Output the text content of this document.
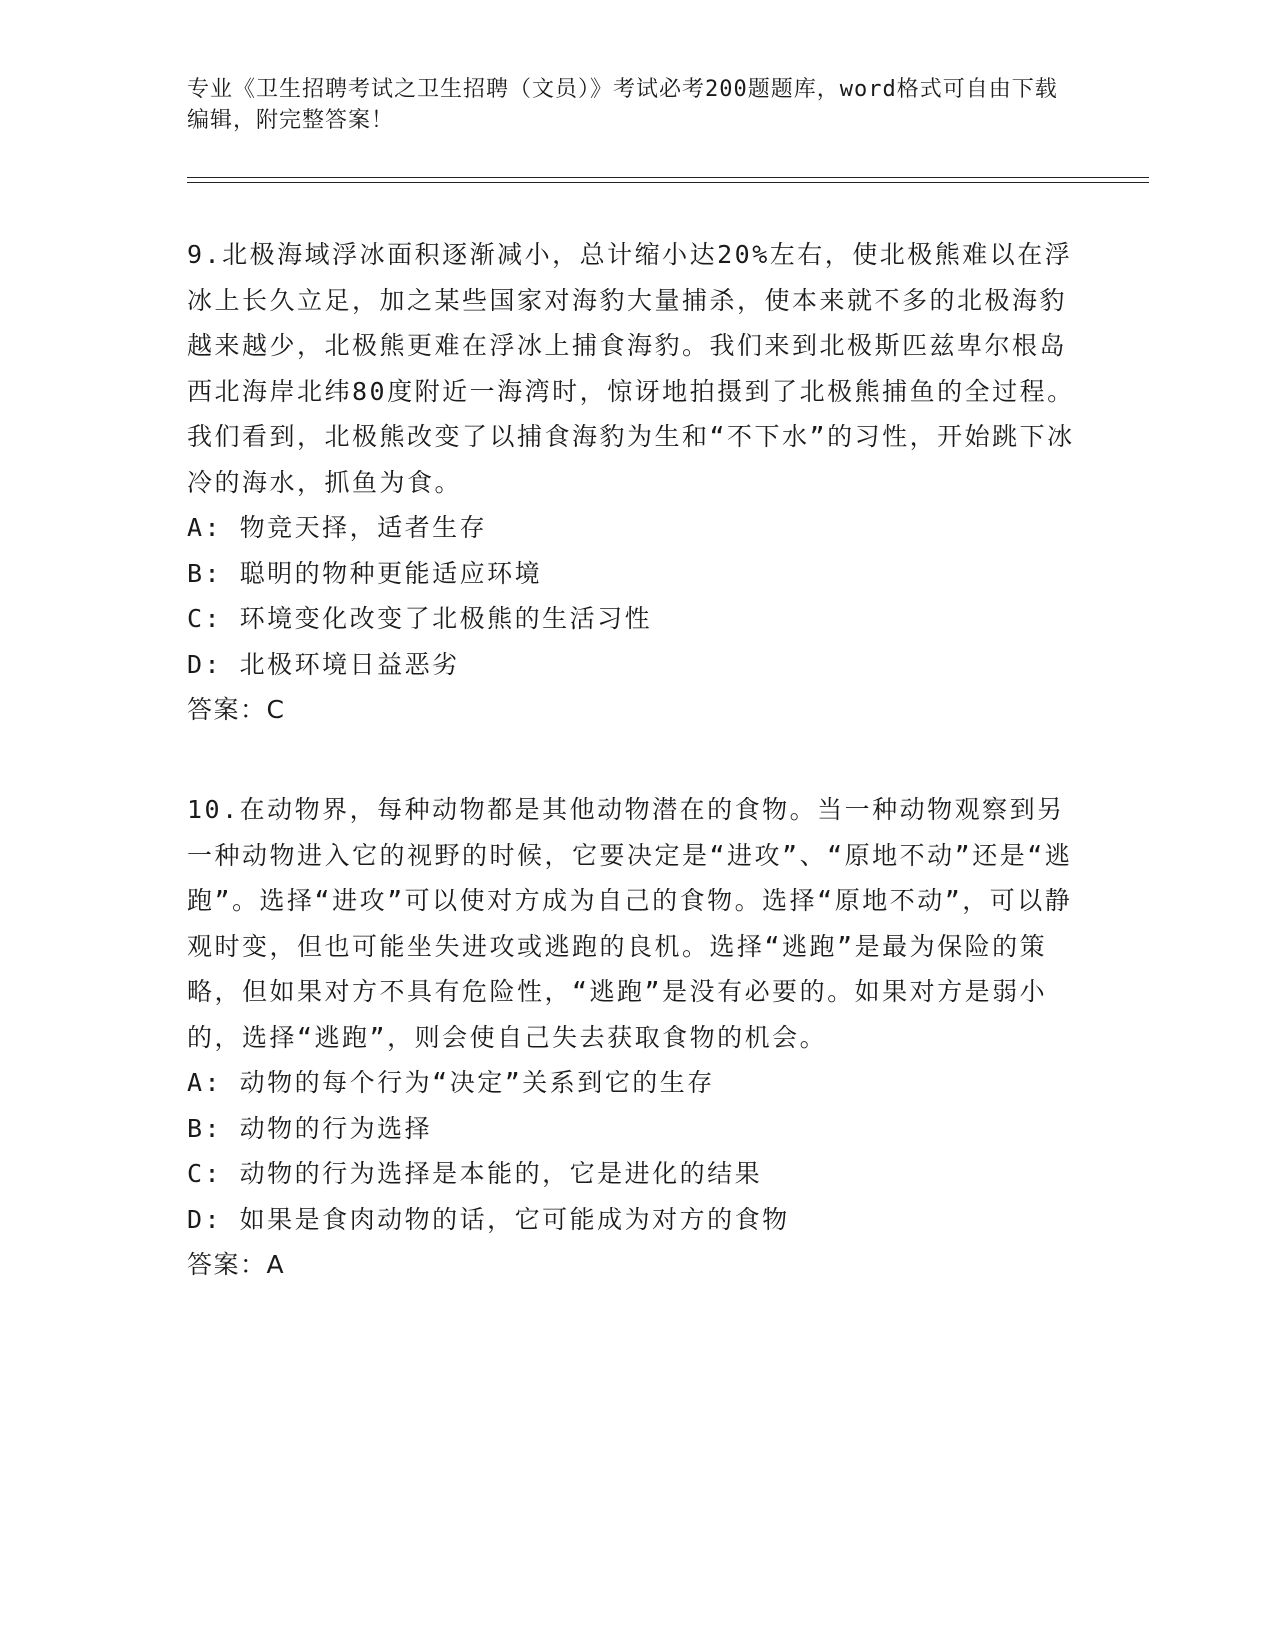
专业《卫生招聘考试之卫生招聘（文员）》考试必考200题题库，word格式可自由下载编辑，附完整答案！

9.北极海域浮冰面积逐渐减小，总计缩小达20%左右，使北极熊难以在浮冰上长久立足，加之某些国家对海豹大量捕杀，使本来就不多的北极海豹越来越少，北极熊更难在浮冰上捕食海豹。我们来到北极斯匹兹卑尔根岛西北海岸北纬80度附近一海湾时，惊讶地拍摄到了北极熊捕鱼的全过程。我们看到，北极熊改变了以捕食海豹为生和“不下水”的习性，开始跳下冰冷的海水，抓鱼为食。

A: 物竞天择，适者生存

B: 聪明的物种更能适应环境

C: 环境变化改变了北极熊的生活习性

D: 北极环境日益恶劣

答案：C

10.在动物界，每种动物都是其他动物潜在的食物。当一种动物观察到另一种动物进入它的视野的时候，它要决定是“进攻”、“原地不动”还是“逃跑”。选择“进攻”可以使对方成为自己的食物。选择“原地不动”，可以静观时变，但也可能坐失进攻或逃跑的良机。选择“逃跑”是最为保险的策略，但如果对方不具有危险性，“逃跑”是没有必要的。如果对方是弱小的，选择“逃跑”，则会使自己失去获取食物的机会。

A: 动物的每个行为“决定”关系到它的生存

B: 动物的行为选择

C: 动物的行为选择是本能的，它是进化的结果

D: 如果是食肉动物的话，它可能成为对方的食物

答案：A
